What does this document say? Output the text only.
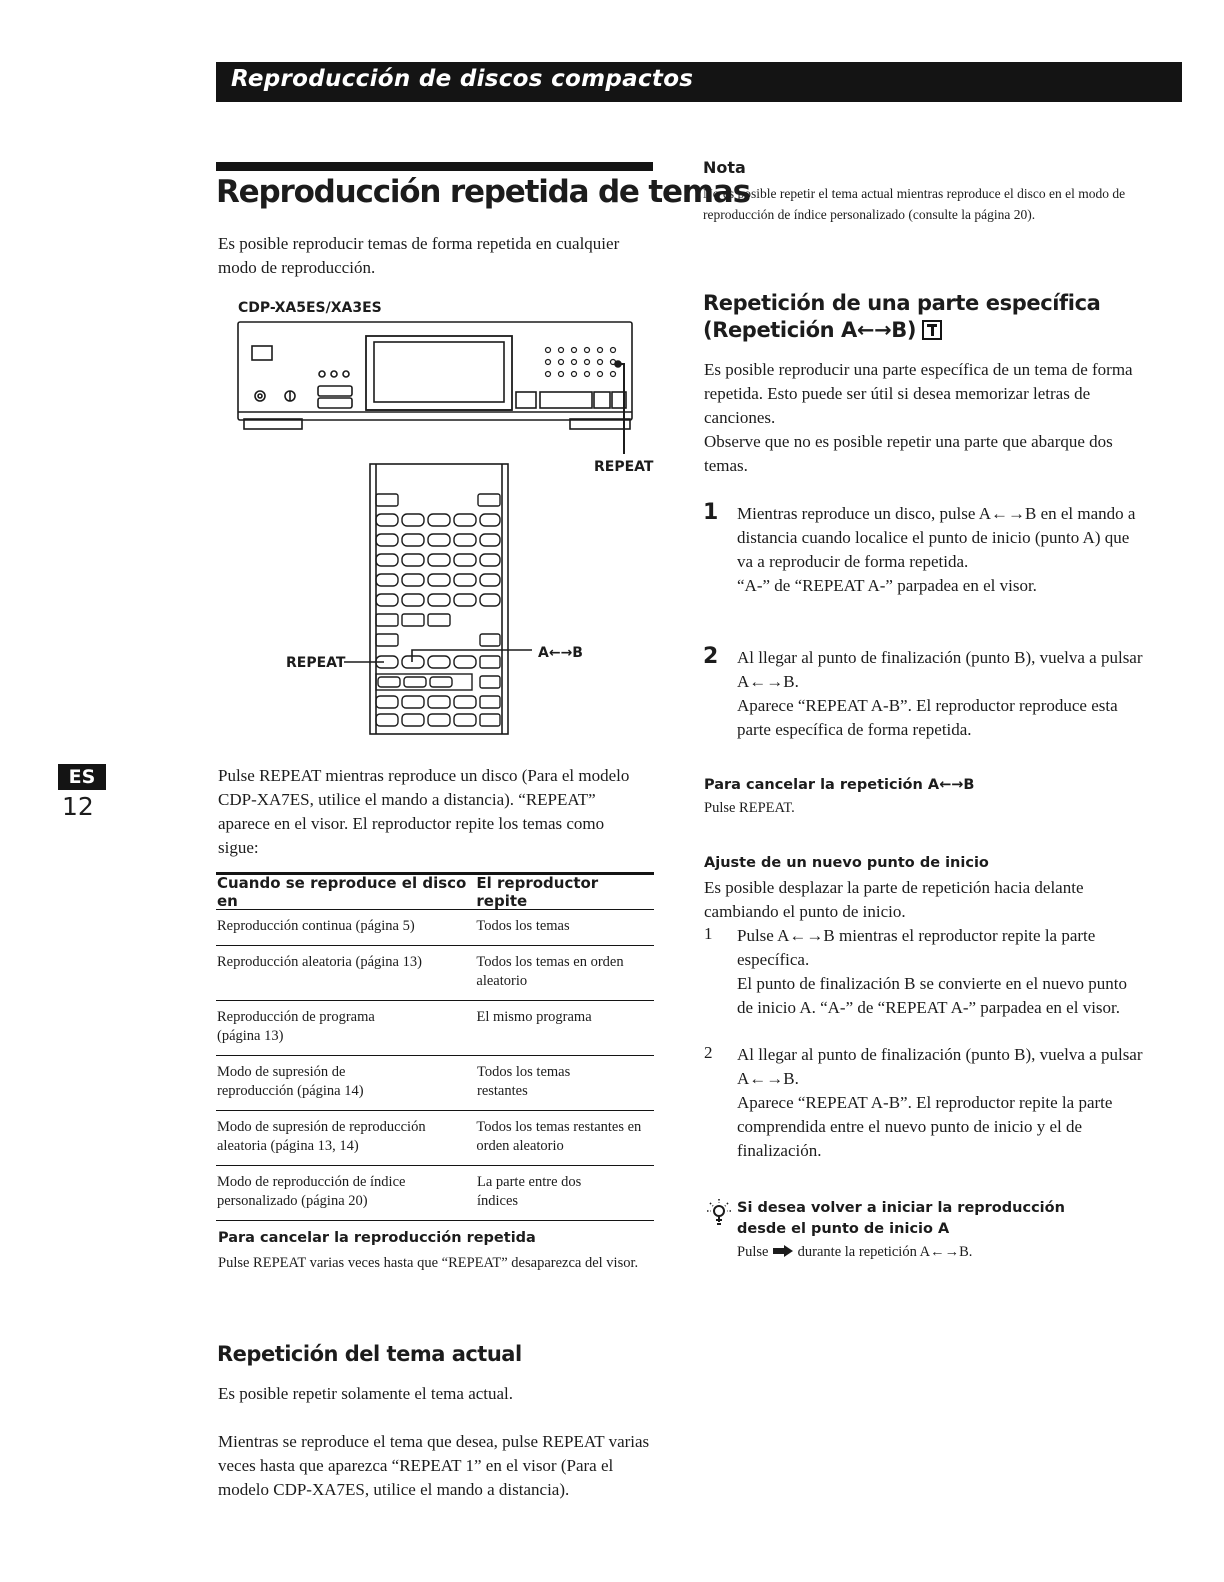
Reproducción de discos compactos
Reproducción repetida de temas
Es posible reproducir temas de forma repetida en cualquier modo de reproducción.
CDP-XA5ES/XA3ES
REPEAT
REPEAT
A←→B
Pulse REPEAT mientras reproduce un disco (Para el modelo CDP-XA7ES, utilice el mando a distancia). “REPEAT” aparece en el visor. El reproductor repite los temas como sigue:
Cuando se reproduce el disco en
El reproductor repite
Reproducción continua (página 5)	Todos los temas
Reproducción aleatoria (página 13)	Todos los temas en orden aleatorio
Reproducción de programa (página 13)
El mismo programa
Modo de supresión de reproducción (página 14)
Todos los temas restantes
Modo de supresión de reproducción aleatoria (página 13, 14)
Todos los temas restantes en orden aleatorio
Modo de reproducción de índice personalizado (página 20)
La parte entre dos índices
Para cancelar la reproducción repetida
Pulse REPEAT varias veces hasta que “REPEAT” desaparezca del visor.
Repetición del tema actual
Es posible repetir solamente el tema actual.
Mientras se reproduce el tema que desea, pulse REPEAT varias veces hasta que aparezca “REPEAT 1” en el visor (Para el modelo CDP-XA7ES, utilice el mando a distancia).
ES
12
Nota
No es posible repetir el tema actual mientras reproduce el disco en el modo de reproducción de índice personalizado (consulte la página 20).
Repetición de una parte específica
(Repetición A←→B)
Es posible reproducir una parte específica de un tema de forma repetida. Esto puede ser útil si desea memorizar letras de canciones.
Observe que no es posible repetir una parte que abarque dos temas.
1 Mientras reproduce un disco, pulse A←→B en el mando a distancia cuando localice el punto de inicio (punto A) que va a reproducir de forma repetida.
“A-” de “REPEAT A-” parpadea en el visor.
2 Al llegar al punto de finalización (punto B), vuelva a pulsar A←→B.
Aparece “REPEAT A-B”. El reproductor reproduce esta parte específica de forma repetida.
Para cancelar la repetición A←→B
Pulse REPEAT.
Ajuste de un nuevo punto de inicio
Es posible desplazar la parte de repetición hacia delante cambiando el punto de inicio.
1 Pulse A←→B mientras el reproductor repite la parte específica.
El punto de finalización B se convierte en el nuevo punto de inicio A. “A-” de “REPEAT A-” parpadea en el visor.
2 Al llegar al punto de finalización (punto B), vuelva a pulsar A←→B.
Aparece “REPEAT A-B”. El reproductor repite la parte comprendida entre el nuevo punto de inicio y el de finalización.
Si desea volver a iniciar la reproducción desde el punto de inicio A
Pulse durante la repetición A←→B.
